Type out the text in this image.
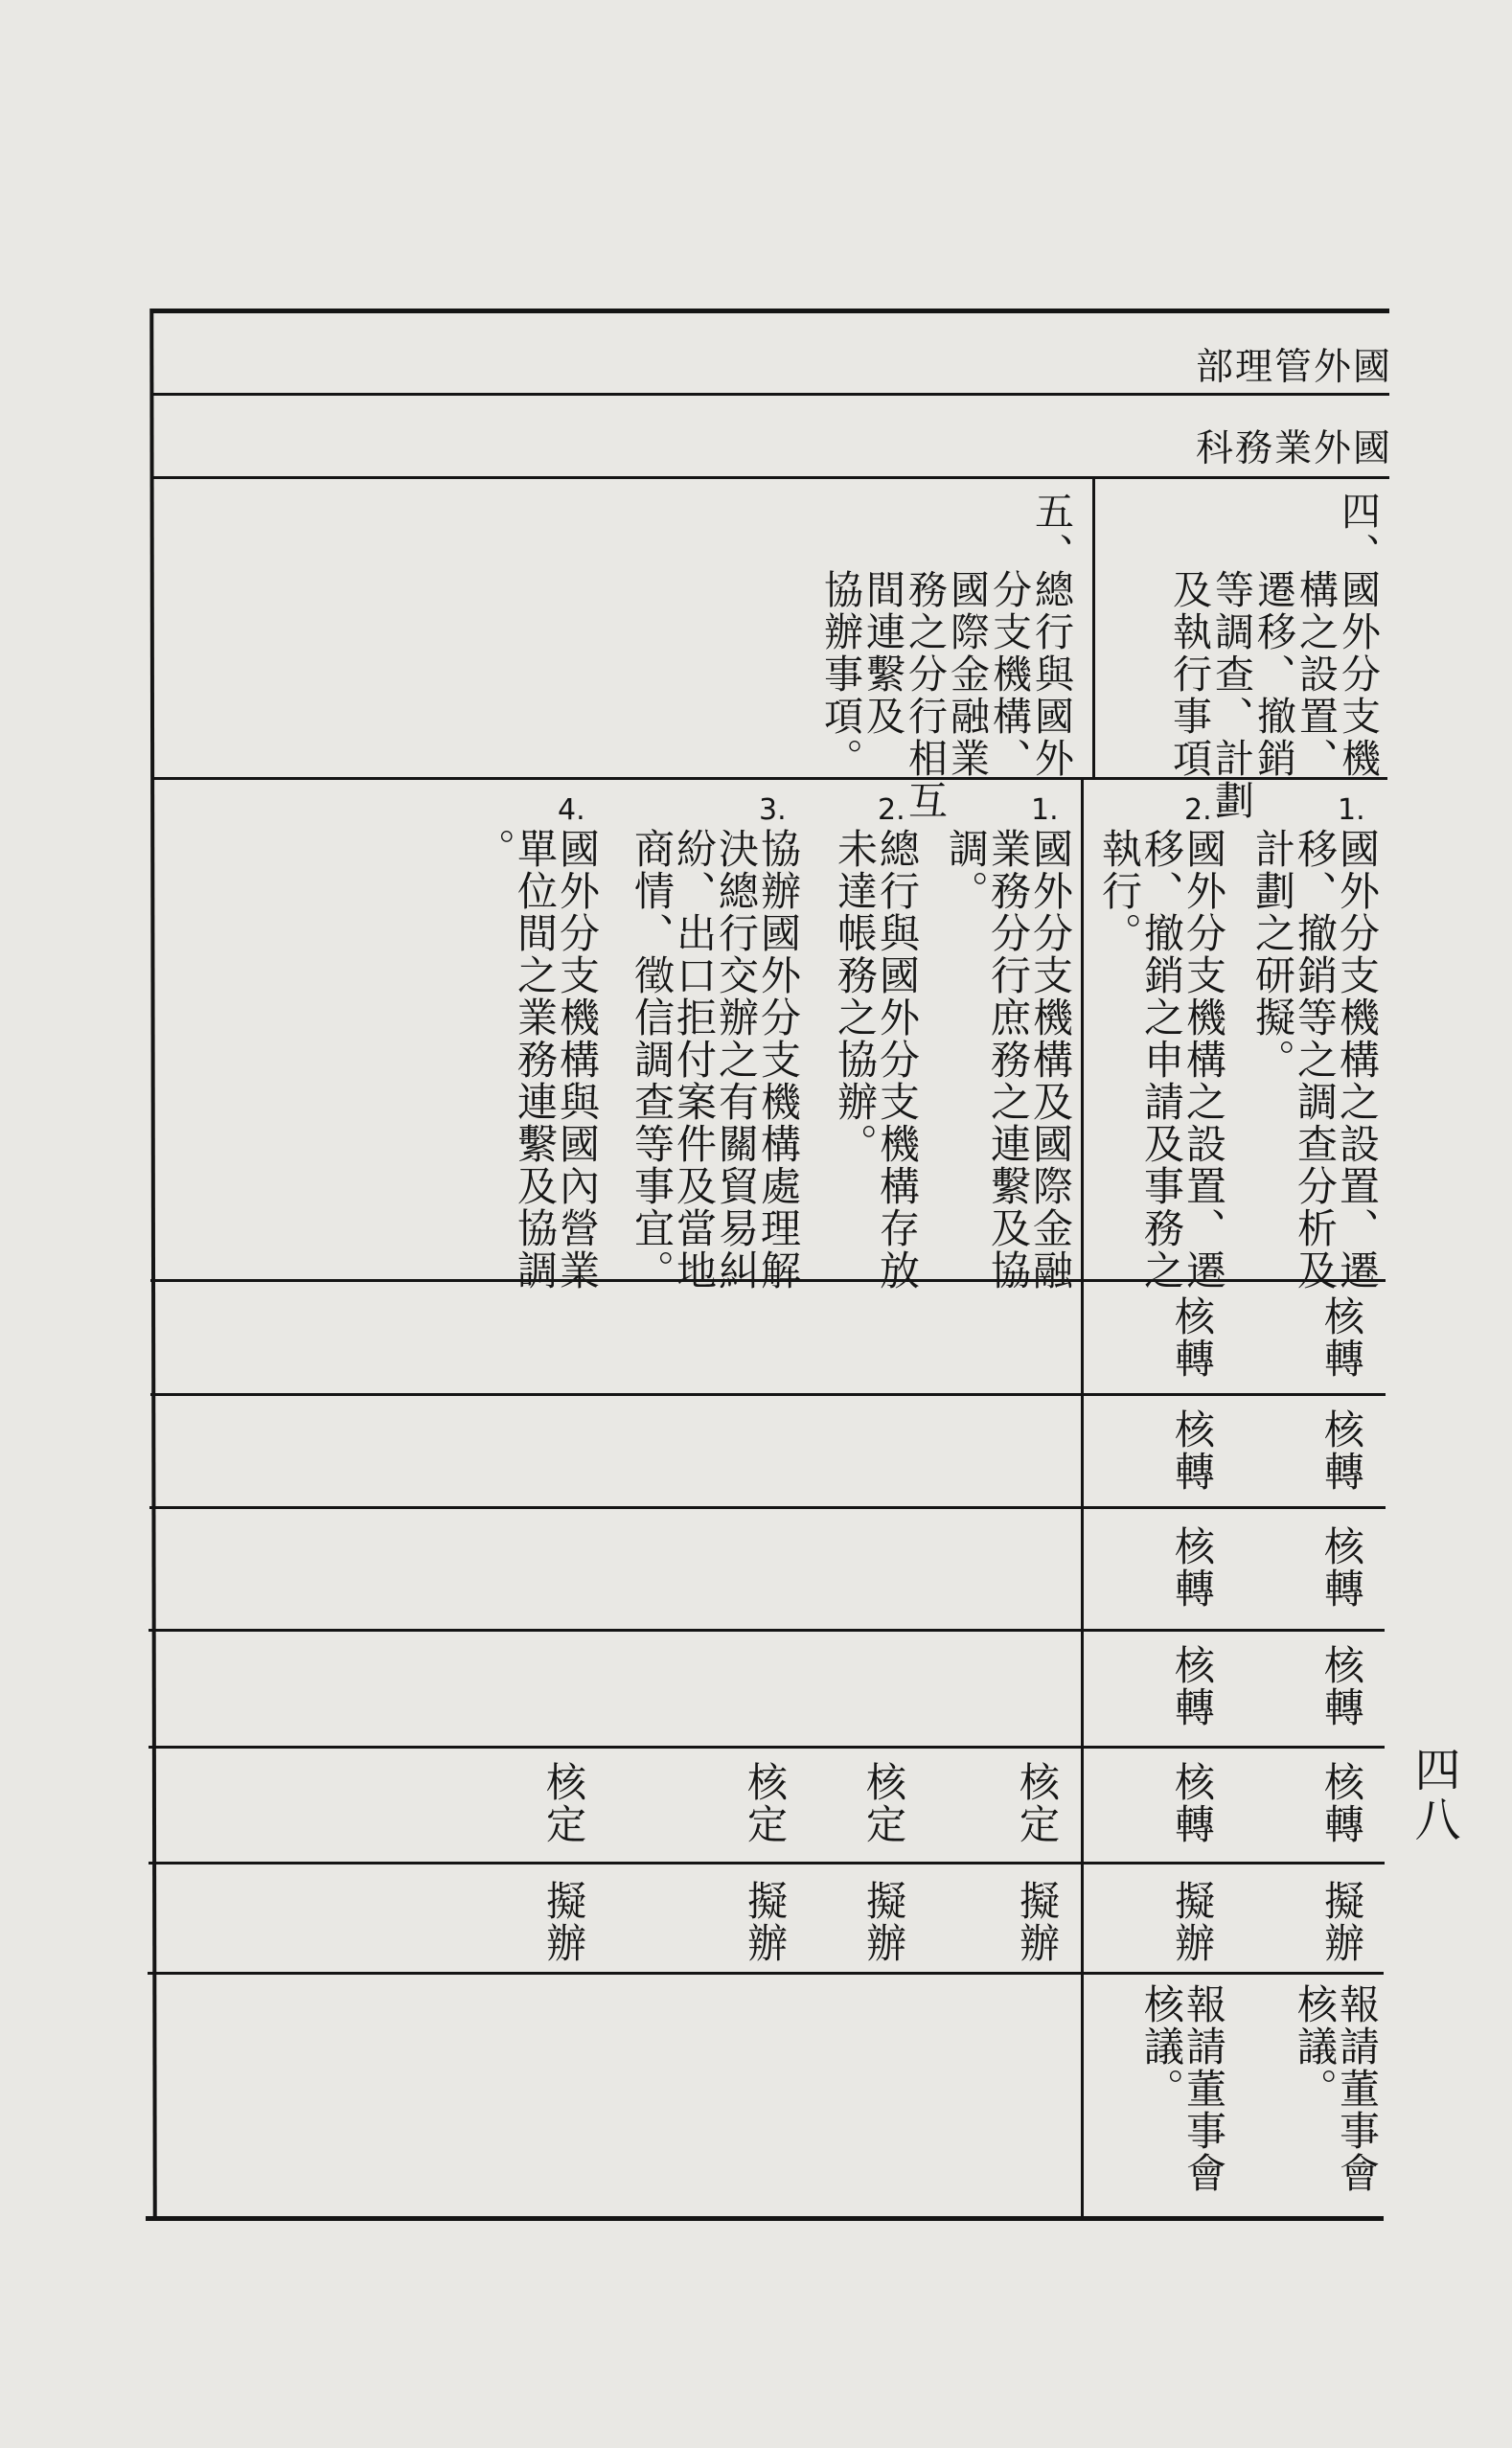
部理管外國
科務業外國
四
、
國外分支機
構之設置、
遷移、撤銷
等調查、計劃
及執行事項
五
、
總行與國外
分支機構、
國際金融業
務之分行相互
間連繫及
協辦事項。
1.
國外分支機構之設置、遷
移、撤銷等之調查分析及
計劃之研擬。
2.
國外分支機構之設置、遷
移、撤銷之申請及事務之
執行。
1.
國外分支機構及國際金融
業務分行庶務之連繫及協
調。
2.
總行與國外分支機構存放
未達帳務之協辦。
3.
協辦國外分支機構處理解
決總行交辦之有關貿易糾
紛、出口拒付案件及當地
商情、徵信調查等事宜。
4.
國外分支機構與國內營業
單位間之業務連繫及協調
。
核轉
核轉
核轉
核轉
核轉
核轉
核轉
核轉
核轉
核轉
核定
核定
核定
核定
擬辦
擬辦
擬辦
擬辦
擬辦
擬辦
報請董事會
核議。
報請董事會
核議。
四八
